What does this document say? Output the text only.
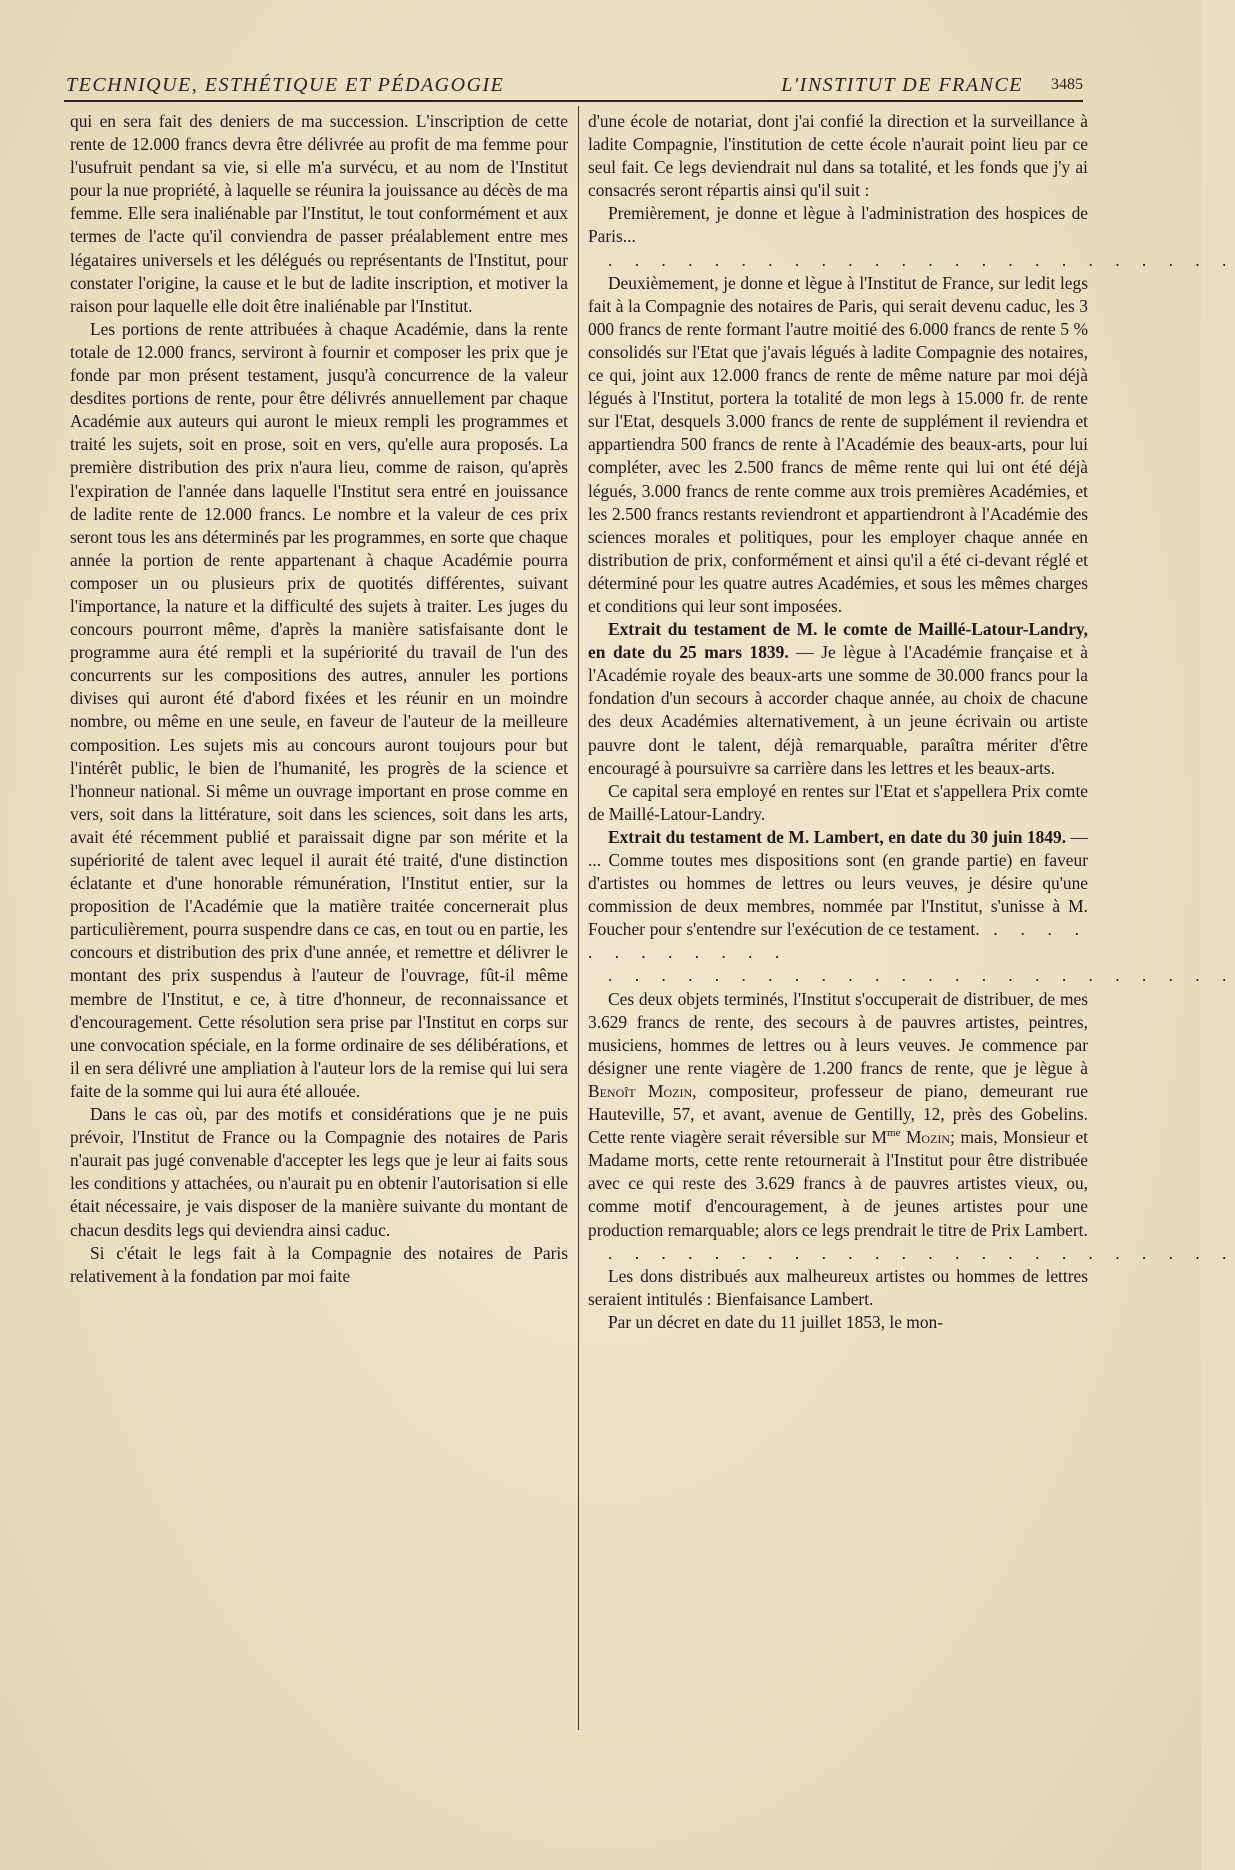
TECHNIQUE, ESTHÉTIQUE ET PÉDAGOGIE	L'INSTITUT DE FRANCE 3485

qui en sera fait des deniers de ma succession. L'inscription de cette rente de 12.000 francs devra être délivrée au profit de ma femme pour l'usufruit pendant sa vie, si elle m'a survécu, et au nom de l'Institut pour la nue propriété, à laquelle se réunira la jouissance au décès de ma femme. Elle sera inaliénable par l'Institut, le tout conformément et aux termes de l'acte qu'il conviendra de passer préalablement entre mes légataires universels et les délégués ou représentants de l'Institut, pour constater l'origine, la cause et le but de ladite inscription, et motiver la raison pour laquelle elle doit être inaliénable par l'Institut.

Les portions de rente attribuées à chaque Académie, dans la rente totale de 12.000 francs, serviront à fournir et composer les prix que je fonde par mon présent testament, jusqu'à concurrence de la valeur desdites portions de rente, pour être délivrés annuellement par chaque Académie aux auteurs qui auront le mieux rempli les programmes et traité les sujets, soit en prose, soit en vers, qu'elle aura proposés. La première distribution des prix n'aura lieu, comme de raison, qu'après l'expiration de l'année dans laquelle l'Institut sera entré en jouissance de ladite rente de 12.000 francs. Le nombre et la valeur de ces prix seront tous les ans déterminés par les programmes, en sorte que chaque année la portion de rente appartenant à chaque Académie pourra composer un ou plusieurs prix de quotités différentes, suivant l'importance, la nature et la difficulté des sujets à traiter. Les juges du concours pourront même, d'après la manière satisfaisante dont le programme aura été rempli et la supériorité du travail de l'un des concurrents sur les compositions des autres, annuler les portions divises qui auront été d'abord fixées et les réunir en un moindre nombre, ou même en une seule, en faveur de l'auteur de la meilleure composition. Les sujets mis au concours auront toujours pour but l'intérêt public, le bien de l'humanité, les progrès de la science et l'honneur national. Si même un ouvrage important en prose comme en vers, soit dans la littérature, soit dans les sciences, soit dans les arts, avait été récemment publié et paraissait digne par son mérite et la supériorité de talent avec lequel il aurait été traité, d'une distinction éclatante et d'une honorable rémunération, l'Institut entier, sur la proposition de l'Académie que la matière traitée concernerait plus particulièrement, pourra suspendre dans ce cas, en tout ou en partie, les concours et distribution des prix d'une année, et remettre et délivrer le montant des prix suspendus à l'auteur de l'ouvrage, fût-il même membre de l'Institut, e ce, à titre d'honneur, de reconnaissance et d'encouragement. Cette résolution sera prise par l'Institut en corps sur une convocation spéciale, en la forme ordinaire de ses délibérations, et il en sera délivré une ampliation à l'auteur lors de la remise qui lui sera faite de la somme qui lui aura été allouée.

Dans le cas où, par des motifs et considérations que je ne puis prévoir, l'Institut de France ou la Compagnie des notaires de Paris n'aurait pas jugé convenable d'accepter les legs que je leur ai faits sous les conditions y attachées, ou n'aurait pu en obtenir l'autorisation si elle était nécessaire, je vais disposer de la manière suivante du montant de chacun desdits legs qui deviendra ainsi caduc.

Si c'était le legs fait à la Compagnie des notaires de Paris relativement à la fondation par moi faite

d'une école de notariat, dont j'ai confié la direction et la surveillance à ladite Compagnie, l'institution de cette école n'aurait point lieu par ce seul fait. Ce legs deviendrait nul dans sa totalité, et les fonds que j'y ai consacrés seront répartis ainsi qu'il suit :

Premièrement, je donne et lègue à l'administration des hospices de Paris...

. . . . . . . . . . . . . . . . . . . . . . . .

Deuxièmement, je donne et lègue à l'Institut de France, sur ledit legs fait à la Compagnie des notaires de Paris, qui serait devenu caduc, les 3 000 francs de rente formant l'autre moitié des 6.000 francs de rente 5 % consolidés sur l'Etat que j'avais légués à ladite Compagnie des notaires, ce qui, joint aux 12.000 francs de rente de même nature par moi déjà légués à l'Institut, portera la totalité de mon legs à 15.000 fr. de rente sur l'Etat, desquels 3.000 francs de rente de supplément il reviendra et appartiendra 500 francs de rente à l'Académie des beaux-arts, pour lui compléter, avec les 2.500 francs de même rente qui lui ont été déjà légués, 3.000 francs de rente comme aux trois premières Académies, et les 2.500 francs restants reviendront et appartiendront à l'Académie des sciences morales et politiques, pour les employer chaque année en distribution de prix, conformément et ainsi qu'il a été ci-devant réglé et déterminé pour les quatre autres Académies, et sous les mêmes charges et conditions qui leur sont imposées.

Extrait du testament de M. le comte de Maillé-Latour-Landry, en date du 25 mars 1839. — Je lègue à l'Académie française et à l'Académie royale des beaux-arts une somme de 30.000 francs pour la fondation d'un secours à accorder chaque année, au choix de chacune des deux Académies alternativement, à un jeune écrivain ou artiste pauvre dont le talent, déjà remarquable, paraîtra mériter d'être encouragé à poursuivre sa carrière dans les lettres et les beaux-arts.

Ce capital sera employé en rentes sur l'Etat et s'appellera Prix comte de Maillé-Latour-Landry.

Extrait du testament de M. Lambert, en date du 30 juin 1849. — ... Comme toutes mes dispositions sont (en grande partie) en faveur d'artistes ou hommes de lettres ou leurs veuves, je désire qu'une commission de deux membres, nommée par l'Institut, s'unisse à M. Foucher pour s'entendre sur l'exécution de ce testament. . . . . . . . . . . . .

. . . . . . . . . . . . . . . . . . . . . . . .

Ces deux objets terminés, l'Institut s'occuperait de distribuer, de mes 3.629 francs de rente, des secours à de pauvres artistes, peintres, musiciens, hommes de lettres ou à leurs veuves. Je commence par désigner une rente viagère de 1.200 francs de rente, que je lègue à Benoît Mozin, compositeur, professeur de piano, demeurant rue Hauteville, 57, et avant, avenue de Gentilly, 12, près des Gobelins. Cette rente viagère serait réversible sur $M^{me}$ Mozin; mais, Monsieur et Madame morts, cette rente retournerait à l'Institut pour être distribuée avec ce qui reste des 3.629 francs à de pauvres artistes vieux, ou, comme motif d'encouragement, à de jeunes artistes pour une production remarquable; alors ce legs prendrait le titre de Prix Lambert.

. . . . . . . . . . . . . . . . . . . . . . . .

Les dons distribués aux malheureux artistes ou hommes de lettres seraient intitulés : Bienfaisance Lambert.

Par un décret en date du 11 juillet 1853, le mon-
